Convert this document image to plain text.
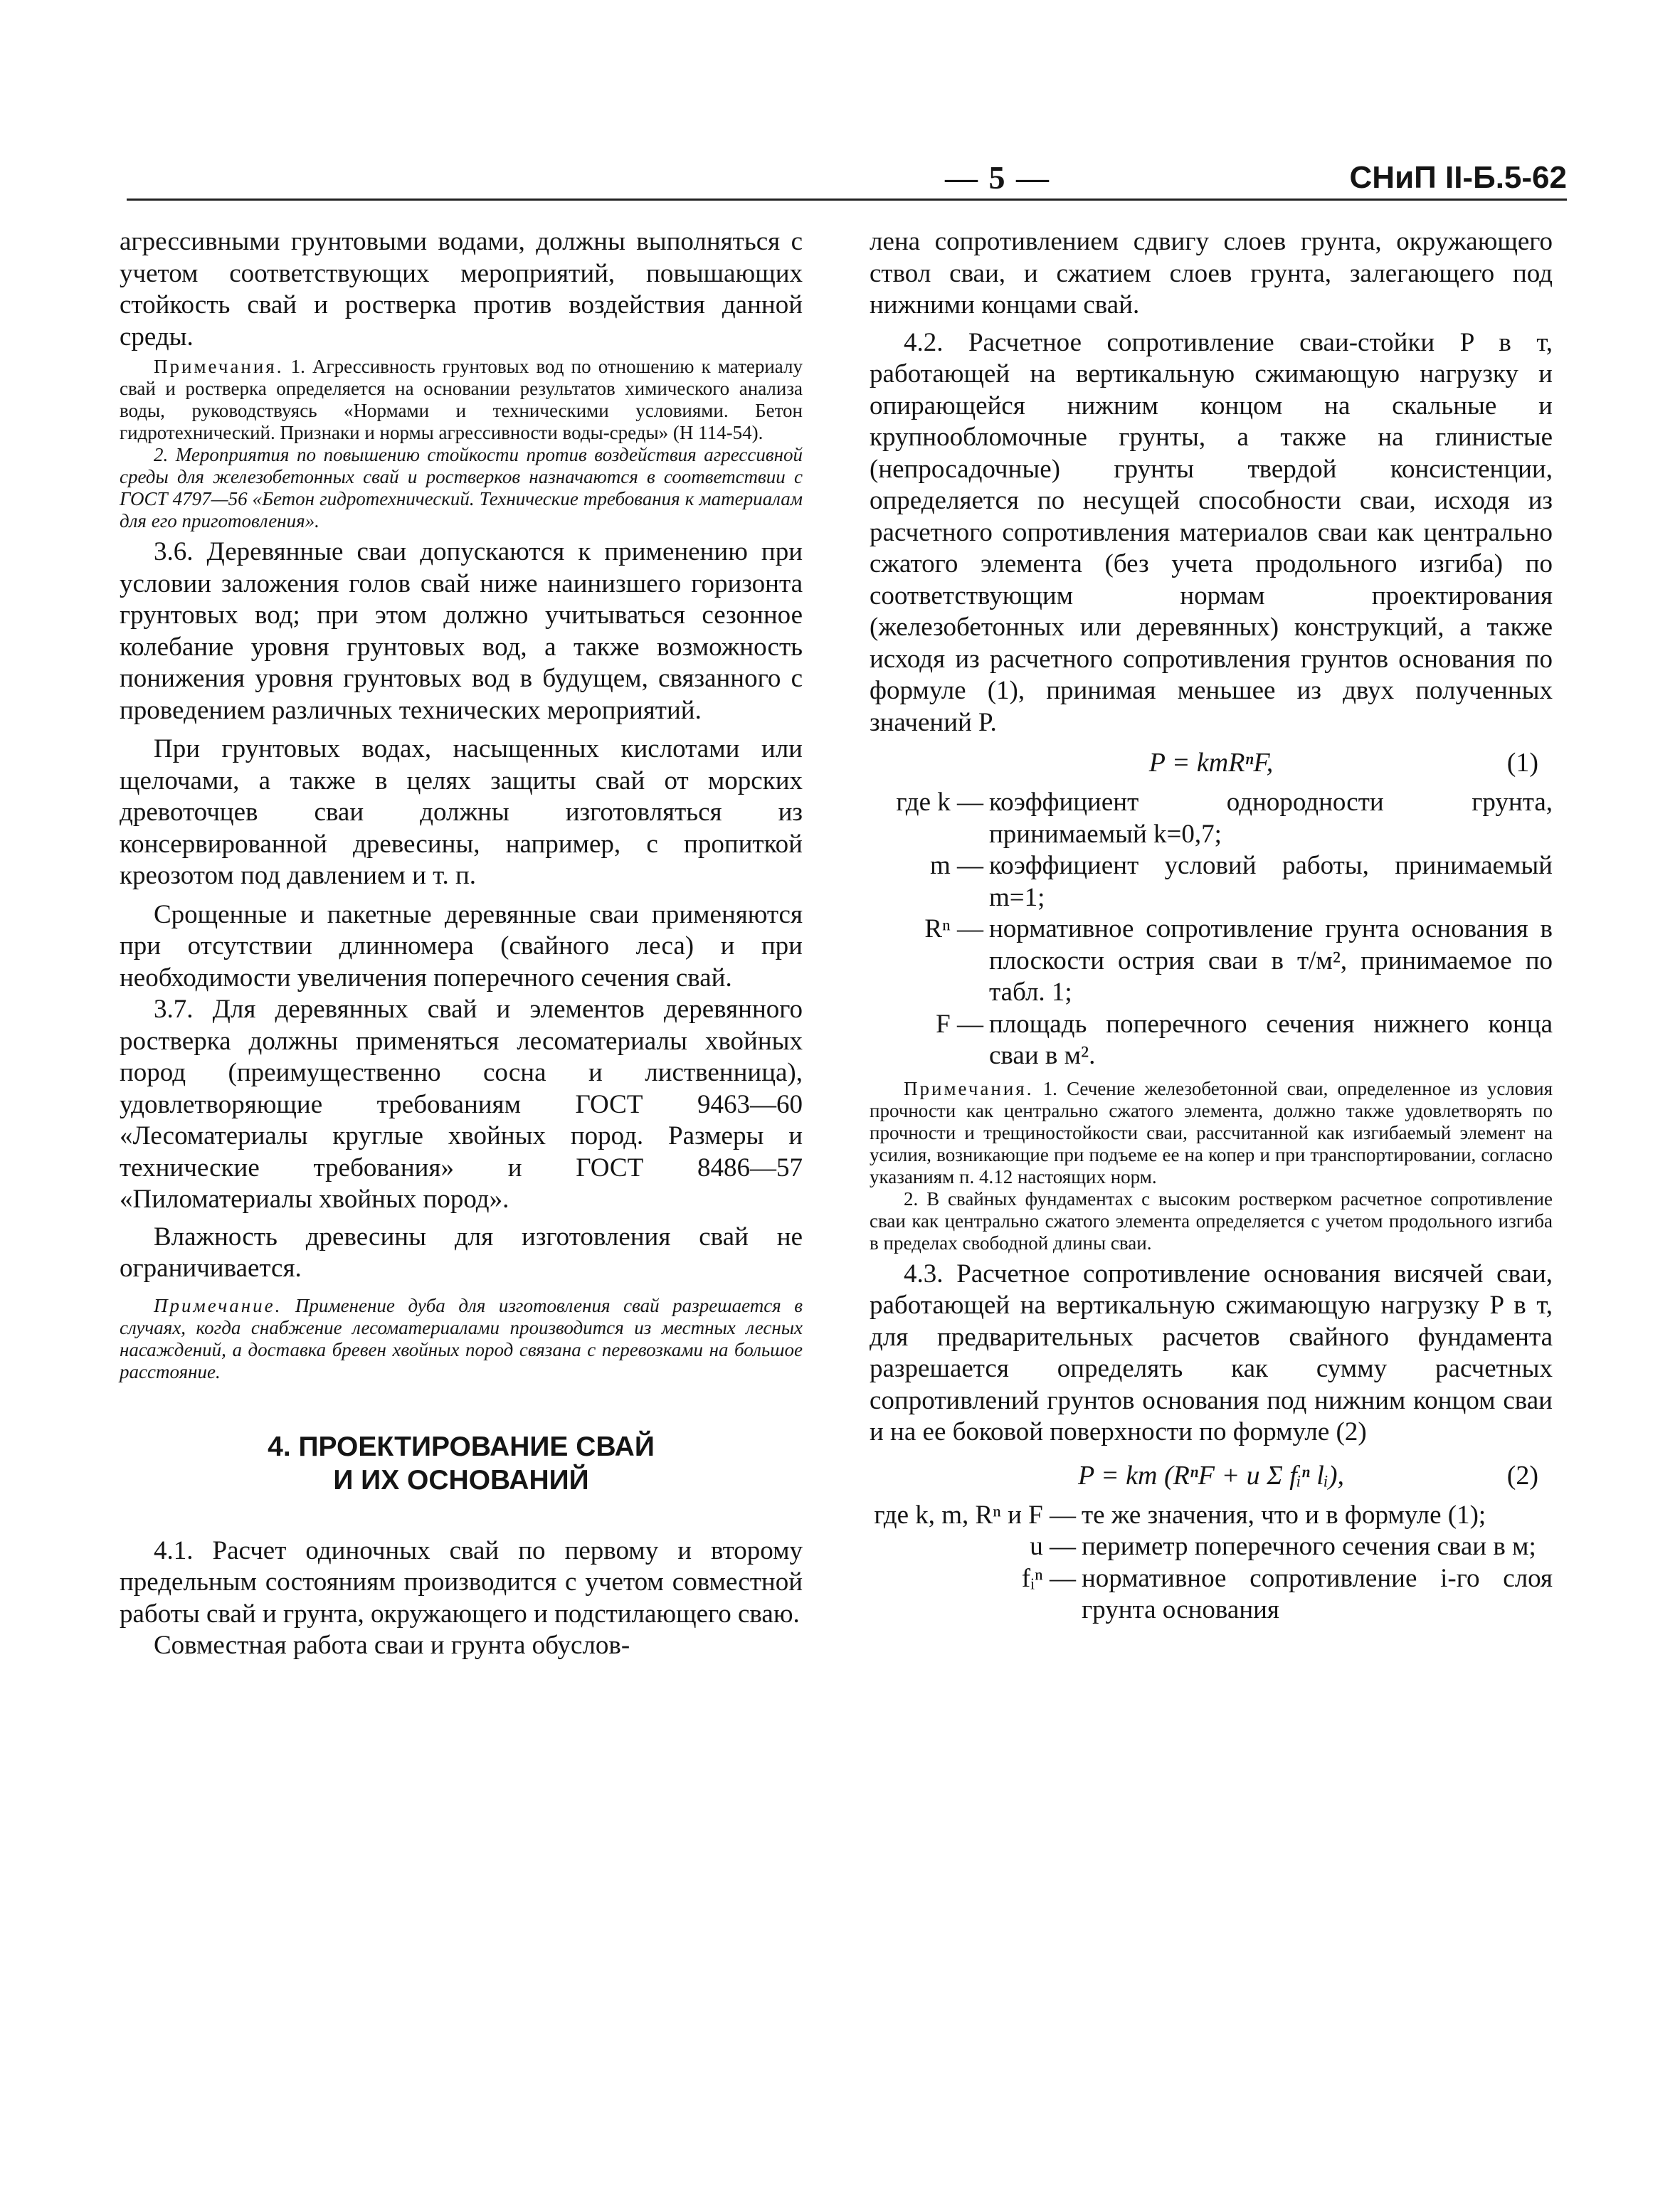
— 5 —	СНиП II-Б.5-62

агрессивными грунтовыми водами, должны выполняться с учетом соответствующих мероприятий, повышающих стойкость свай и ростверка против воздействия данной среды.

Примечания. 1. Агрессивность грунтовых вод по отношению к материалу свай и ростверка определяется на основании результатов химического анализа воды, руководствуясь «Нормами и техническими условиями. Бетон гидротехнический. Признаки и нормы агрессивности воды-среды» (Н 114-54).

2. Мероприятия по повышению стойкости против воздействия агрессивной среды для железобетонных свай и ростверков назначаются в соответствии с ГОСТ 4797—56 «Бетон гидротехнический. Технические требования к материалам для его приготовления».

3.6. Деревянные сваи допускаются к применению при условии заложения голов свай ниже наинизшего горизонта грунтовых вод; при этом должно учитываться сезонное колебание уровня грунтовых вод, а также возможность понижения уровня грунтовых вод в будущем, связанного с проведением различных технических мероприятий.

При грунтовых водах, насыщенных кислотами или щелочами, а также в целях защиты свай от морских древоточцев сваи должны изготовляться из консервированной древесины, например, с пропиткой креозотом под давлением и т. п.

Срощенные и пакетные деревянные сваи применяются при отсутствии длинномера (свайного леса) и при необходимости увеличения поперечного сечения свай.

3.7. Для деревянных свай и элементов деревянного ростверка должны применяться лесоматериалы хвойных пород (преимущественно сосна и лиственница), удовлетворяющие требованиям ГОСТ 9463—60 «Лесоматериалы круглые хвойных пород. Размеры и технические требования» и ГОСТ 8486—57 «Пиломатериалы хвойных пород».

Влажность древесины для изготовления свай не ограничивается.

Примечание. Применение дуба для изготовления свай разрешается в случаях, когда снабжение лесоматериалами производится из местных лесных насаждений, а доставка бревен хвойных пород связана с перевозками на большое расстояние.

4. ПРОЕКТИРОВАНИЕ СВАЙ
И ИХ ОСНОВАНИЙ

4.1. Расчет одиночных свай по первому и второму предельным состояниям производится с учетом совместной работы свай и грунта, окружающего и подстилающего сваю.

Совместная работа сваи и грунта обуслов-

лена сопротивлением сдвигу слоев грунта, окружающего ствол сваи, и сжатием слоев грунта, залегающего под нижними концами свай.

4.2. Расчетное сопротивление сваи-стойки P в т, работающей на вертикальную сжимающую нагрузку и опирающейся нижним концом на скальные и крупнообломочные грунты, а также на глинистые (непросадочные) грунты твердой консистенции, определяется по несущей способности сваи, исходя из расчетного сопротивления материалов сваи как центрально сжатого элемента (без учета продольного изгиба) по соответствующим нормам проектирования (железобетонных или деревянных) конструкций, а также исходя из расчетного сопротивления грунтов основания по формуле (1), принимая меньшее из двух полученных значений P.

P = kmRⁿF,	(1)
где k — коэффициент однородности грунта, принимаемый k=0,7;
m — коэффициент условий работы, принимаемый m=1;
Rⁿ — нормативное сопротивление грунта основания в плоскости острия сваи в т/м², принимаемое по табл. 1;
F — площадь поперечного сечения нижнего конца сваи в м².

Примечания. 1. Сечение железобетонной сваи, определенное из условия прочности как центрально сжатого элемента, должно также удовлетворять по прочности и трещиностойкости сваи, рассчитанной как изгибаемый элемент на усилия, возникающие при подъеме ее на копер и при транспортировании, согласно указаниям п. 4.12 настоящих норм.

2. В свайных фундаментах с высоким ростверком расчетное сопротивление сваи как центрально сжатого элемента определяется с учетом продольного изгиба в пределах свободной длины сваи.

4.3. Расчетное сопротивление основания висячей сваи, работающей на вертикальную сжимающую нагрузку P в т, для предварительных расчетов свайного фундамента разрешается определять как сумму расчетных сопротивлений грунтов основания под нижним концом сваи и на ее боковой поверхности по формуле (2)

P = km (RⁿF + u Σ fᵢⁿ lᵢ),	(2)
где k, m, Rⁿ и F — те же значения, что и в формуле (1);
u — периметр поперечного сечения сваи в м;
fᵢⁿ — нормативное сопротивление i-го слоя грунта основания
